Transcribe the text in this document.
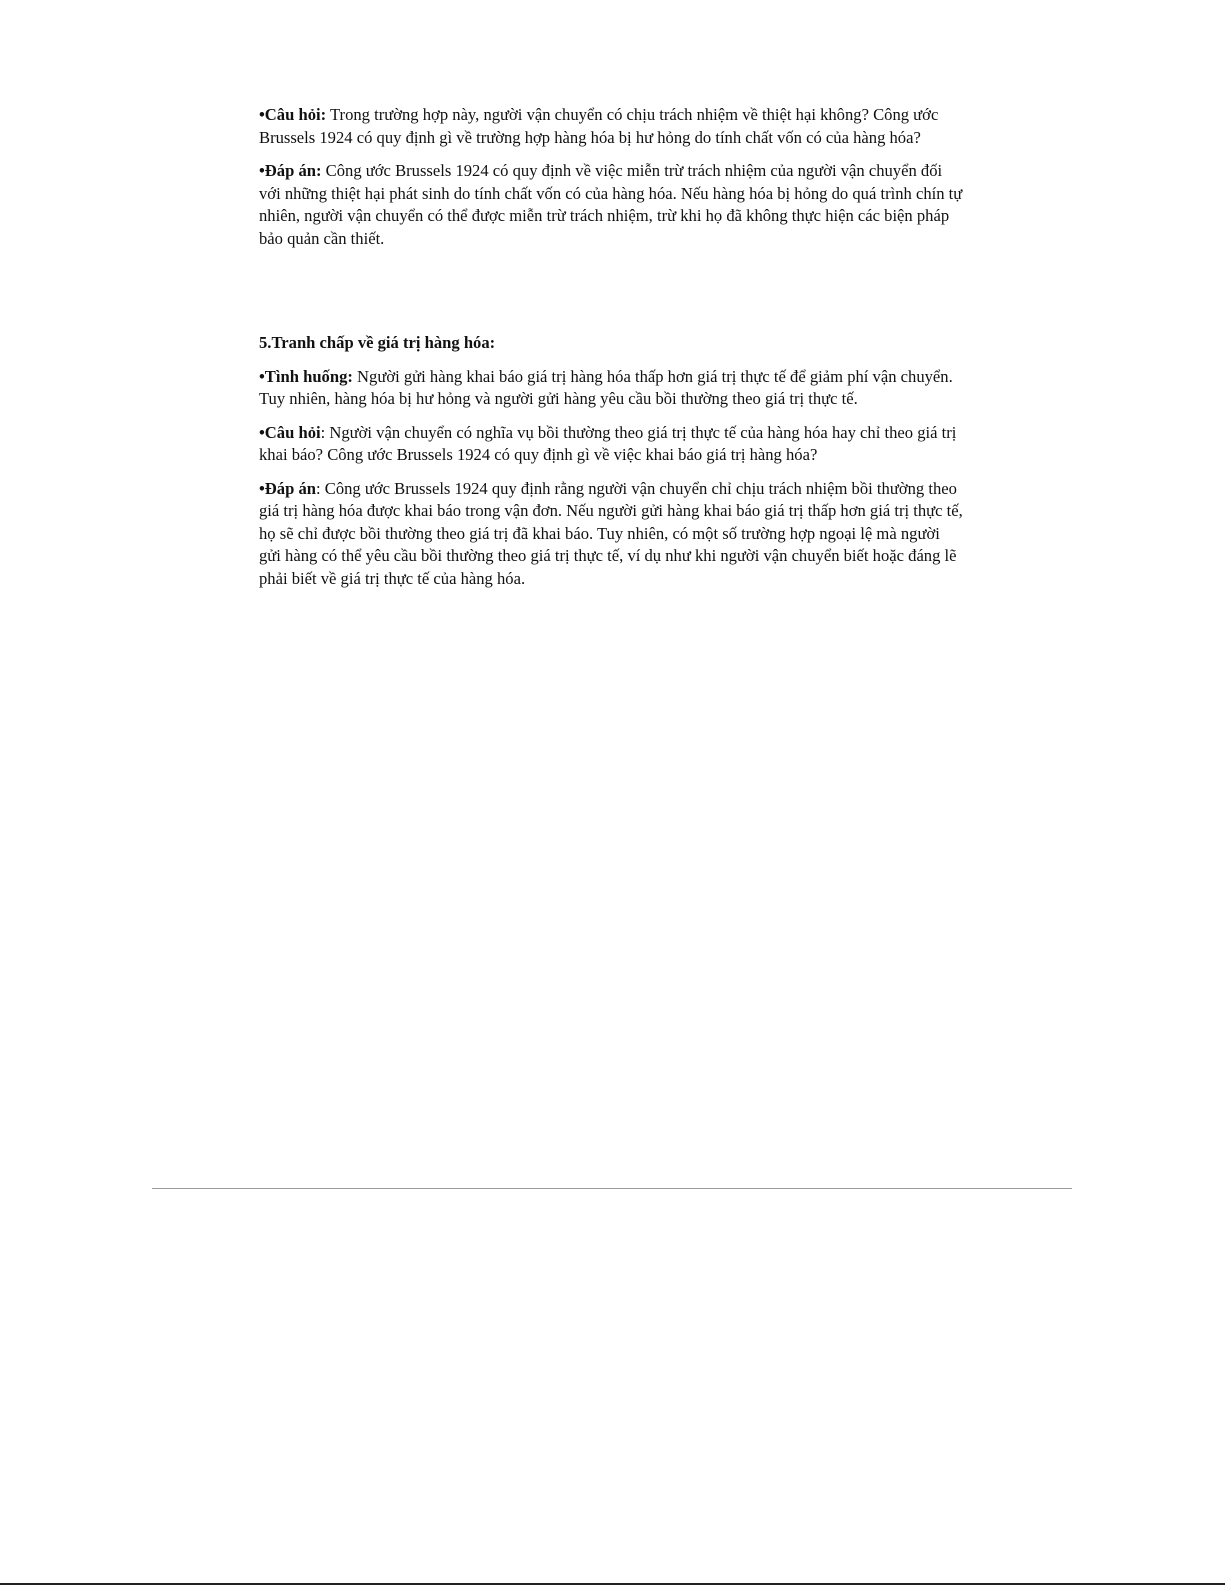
•Câu hỏi: Trong trường hợp này, người vận chuyển có chịu trách nhiệm về thiệt hại không? Công ước Brussels 1924 có quy định gì về trường hợp hàng hóa bị hư hỏng do tính chất vốn có của hàng hóa?

•Đáp án: Công ước Brussels 1924 có quy định về việc miễn trừ trách nhiệm của người vận chuyển đối với những thiệt hại phát sinh do tính chất vốn có của hàng hóa. Nếu hàng hóa bị hỏng do quá trình chín tự nhiên, người vận chuyển có thể được miễn trừ trách nhiệm, trừ khi họ đã không thực hiện các biện pháp bảo quản cần thiết.

5.Tranh chấp về giá trị hàng hóa:

•Tình huống: Người gửi hàng khai báo giá trị hàng hóa thấp hơn giá trị thực tế để giảm phí vận chuyển. Tuy nhiên, hàng hóa bị hư hỏng và người gửi hàng yêu cầu bồi thường theo giá trị thực tế.

•Câu hỏi: Người vận chuyển có nghĩa vụ bồi thường theo giá trị thực tế của hàng hóa hay chỉ theo giá trị khai báo? Công ước Brussels 1924 có quy định gì về việc khai báo giá trị hàng hóa?

•Đáp án: Công ước Brussels 1924 quy định rằng người vận chuyển chỉ chịu trách nhiệm bồi thường theo giá trị hàng hóa được khai báo trong vận đơn. Nếu người gửi hàng khai báo giá trị thấp hơn giá trị thực tế, họ sẽ chỉ được bồi thường theo giá trị đã khai báo. Tuy nhiên, có một số trường hợp ngoại lệ mà người gửi hàng có thể yêu cầu bồi thường theo giá trị thực tế, ví dụ như khi người vận chuyển biết hoặc đáng lẽ phải biết về giá trị thực tế của hàng hóa.
